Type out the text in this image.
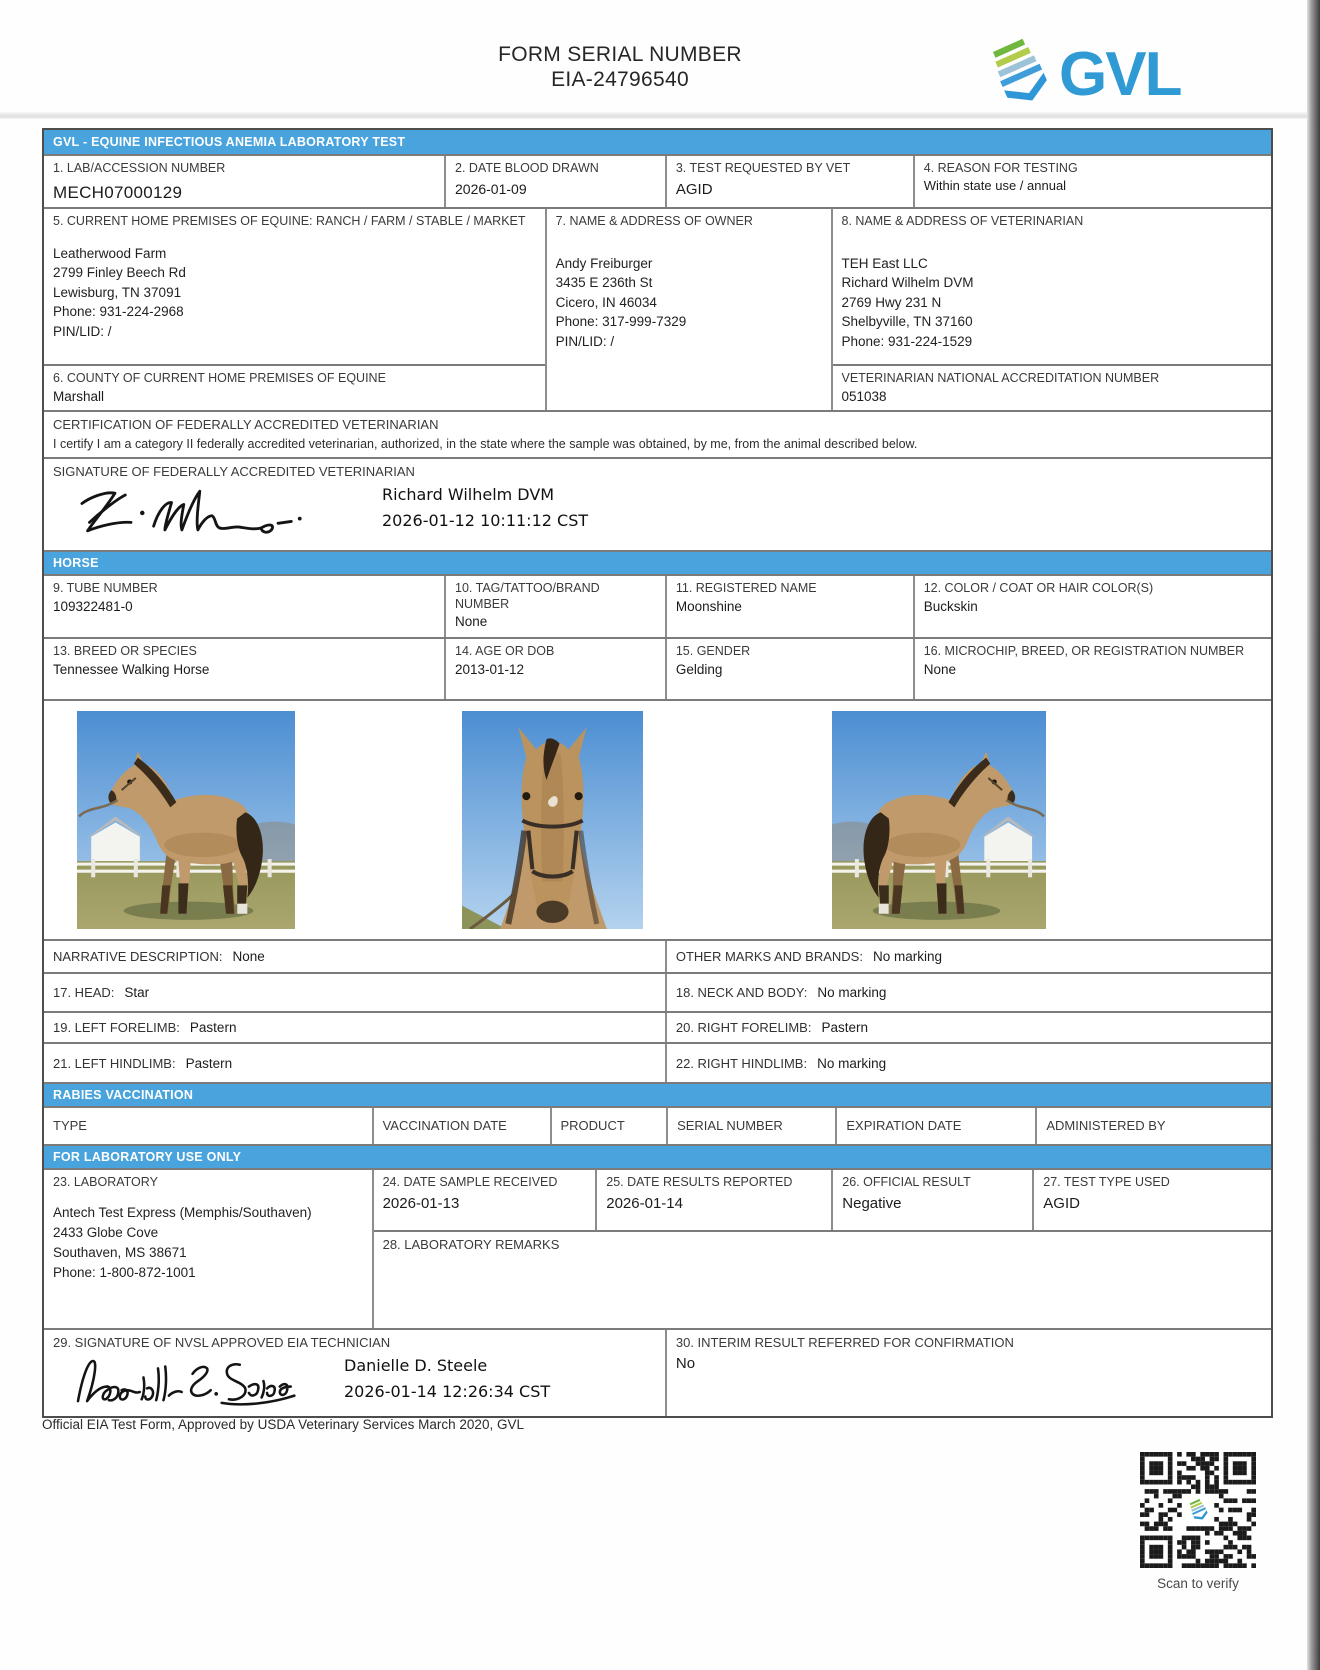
FORM SERIAL NUMBER
EIA-24796540	GVL
GVL - EQUINE INFECTIOUS ANEMIA LABORATORY TEST
1. LAB/ACCESSION NUMBER
MECH07000129
2. DATE BLOOD DRAWN
2026-01-09
3. TEST REQUESTED BY VET
AGID
4. REASON FOR TESTING
Within state use / annual
5. CURRENT HOME PREMISES OF EQUINE: RANCH / FARM / STABLE / MARKET
Leatherwood Farm
2799 Finley Beech Rd
Lewisburg, TN 37091
Phone: 931-224-2968
PIN/LID: /
6. COUNTY OF CURRENT HOME PREMISES OF EQUINE
Marshall
7. NAME & ADDRESS OF OWNER
Andy Freiburger
3435 E 236th St
Cicero, IN 46034
Phone: 317-999-7329
PIN/LID: /
8. NAME & ADDRESS OF VETERINARIAN
TEH East LLC
Richard Wilhelm DVM
2769 Hwy 231 N
Shelbyville, TN 37160
Phone: 931-224-1529
VETERINARIAN NATIONAL ACCREDITATION NUMBER
051038
CERTIFICATION OF FEDERALLY ACCREDITED VETERINARIAN
I certify I am a category II federally accredited veterinarian, authorized, in the state where the sample was obtained, by me, from the animal described below.
SIGNATURE OF FEDERALLY ACCREDITED VETERINARIAN
Richard Wilhelm DVM
2026-01-12 10:11:12 CST
HORSE
9. TUBE NUMBER
109322481-0
10. TAG/TATTOO/BRAND NUMBER
None
11. REGISTERED NAME
Moonshine
12. COLOR / COAT OR HAIR COLOR(S)
Buckskin
13. BREED OR SPECIES
Tennessee Walking Horse
14. AGE OR DOB
2013-01-12
15. GENDER
Gelding
16. MICROCHIP, BREED, OR REGISTRATION NUMBER
None
NARRATIVE DESCRIPTION: None	OTHER MARKS AND BRANDS: No marking
17. HEAD: Star	18. NECK AND BODY: No marking
19. LEFT FORELIMB: Pastern	20. RIGHT FORELIMB: Pastern
21. LEFT HINDLIMB: Pastern	22. RIGHT HINDLIMB: No marking
RABIES VACCINATION
TYPE	VACCINATION DATE	PRODUCT	SERIAL NUMBER	EXPIRATION DATE	ADMINISTERED BY
FOR LABORATORY USE ONLY
23. LABORATORY
Antech Test Express (Memphis/Southaven)
2433 Globe Cove
Southaven, MS 38671
Phone: 1-800-872-1001
24. DATE SAMPLE RECEIVED
2026-01-13
25. DATE RESULTS REPORTED
2026-01-14
26. OFFICIAL RESULT
Negative
27. TEST TYPE USED
AGID
28. LABORATORY REMARKS
29. SIGNATURE OF NVSL APPROVED EIA TECHNICIAN
Danielle D. Steele
2026-01-14 12:26:34 CST
30. INTERIM RESULT REFERRED FOR CONFIRMATION
No
Official EIA Test Form, Approved by USDA Veterinary Services March 2020, GVL
Scan to verify
